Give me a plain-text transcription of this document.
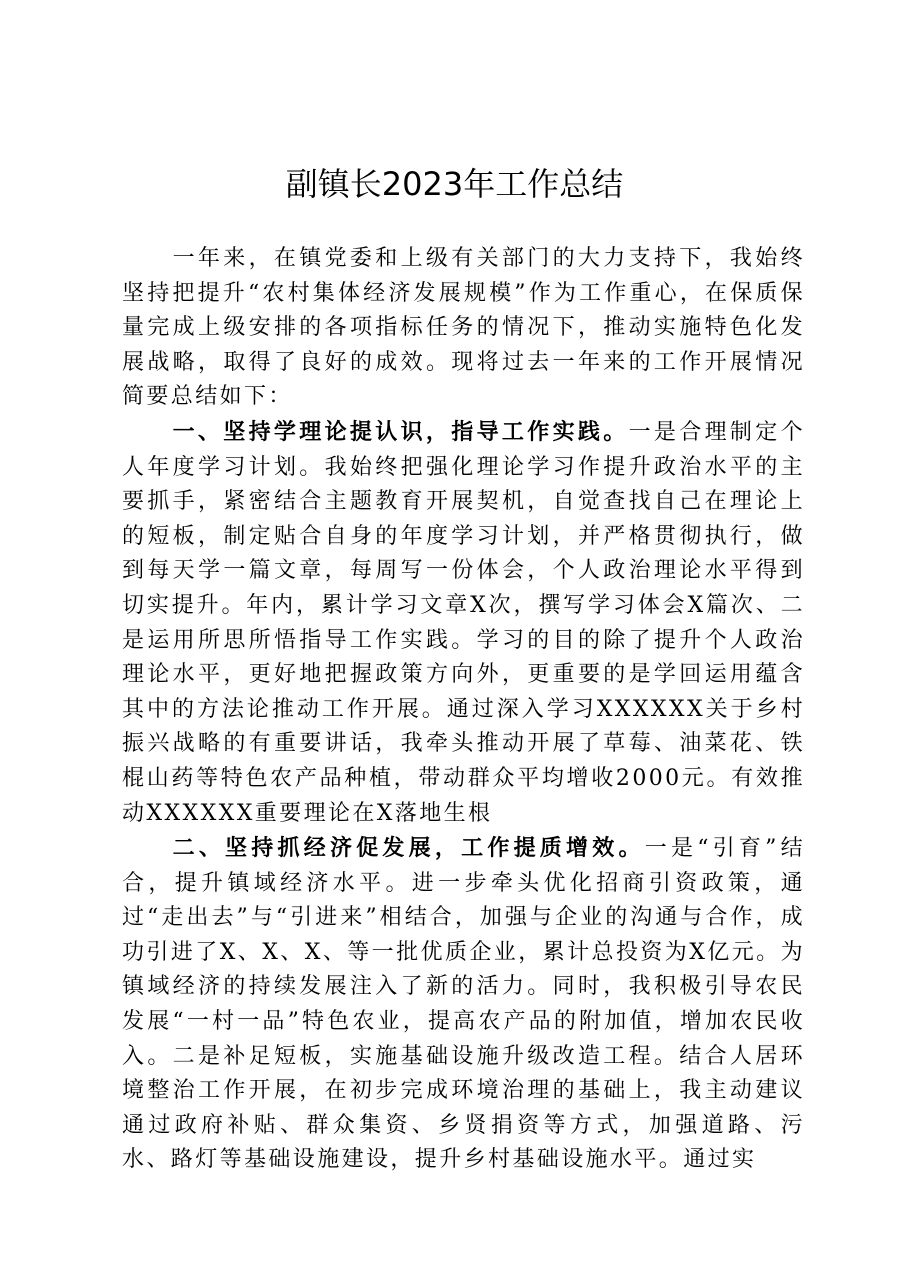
副镇长2023年工作总结

一年来，在镇党委和上级有关部门的大力支持下，我始终坚持把提升“农村集体经济发展规模”作为工作重心，在保质保量完成上级安排的各项指标任务的情况下，推动实施特色化发展战略，取得了良好的成效。现将过去一年来的工作开展情况简要总结如下：

一、坚持学理论提认识，指导工作实践。一是合理制定个人年度学习计划。我始终把强化理论学习作提升政治水平的主要抓手，紧密结合主题教育开展契机，自觉查找自己在理论上的短板，制定贴合自身的年度学习计划，并严格贯彻执行，做到每天学一篇文章，每周写一份体会，个人政治理论水平得到切实提升。年内，累计学习文章X次，撰写学习体会X篇次、二是运用所思所悟指导工作实践。学习的目的除了提升个人政治理论水平，更好地把握政策方向外，更重要的是学回运用蕴含其中的方法论推动工作开展。通过深入学习XXXXXX关于乡村振兴战略的有重要讲话，我牵头推动开展了草莓、油菜花、铁棍山药等特色农产品种植，带动群众平均增收2000元。有效推动XXXXXX重要理论在X落地生根

二、坚持抓经济促发展，工作提质增效。一是“引育”结合，提升镇域经济水平。进一步牵头优化招商引资政策，通过“走出去”与“引进来”相结合，加强与企业的沟通与合作，成功引进了X、X、X、等一批优质企业，累计总投资为X亿元。为镇域经济的持续发展注入了新的活力。同时，我积极引导农民发展“一村一品”特色农业，提高农产品的附加值，增加农民收入。二是补足短板，实施基础设施升级改造工程。结合人居环境整治工作开展，在初步完成环境治理的基础上，我主动建议通过政府补贴、群众集资、乡贤捐资等方式，加强道路、污水、路灯等基础设施建设，提升乡村基础设施水平。通过实
